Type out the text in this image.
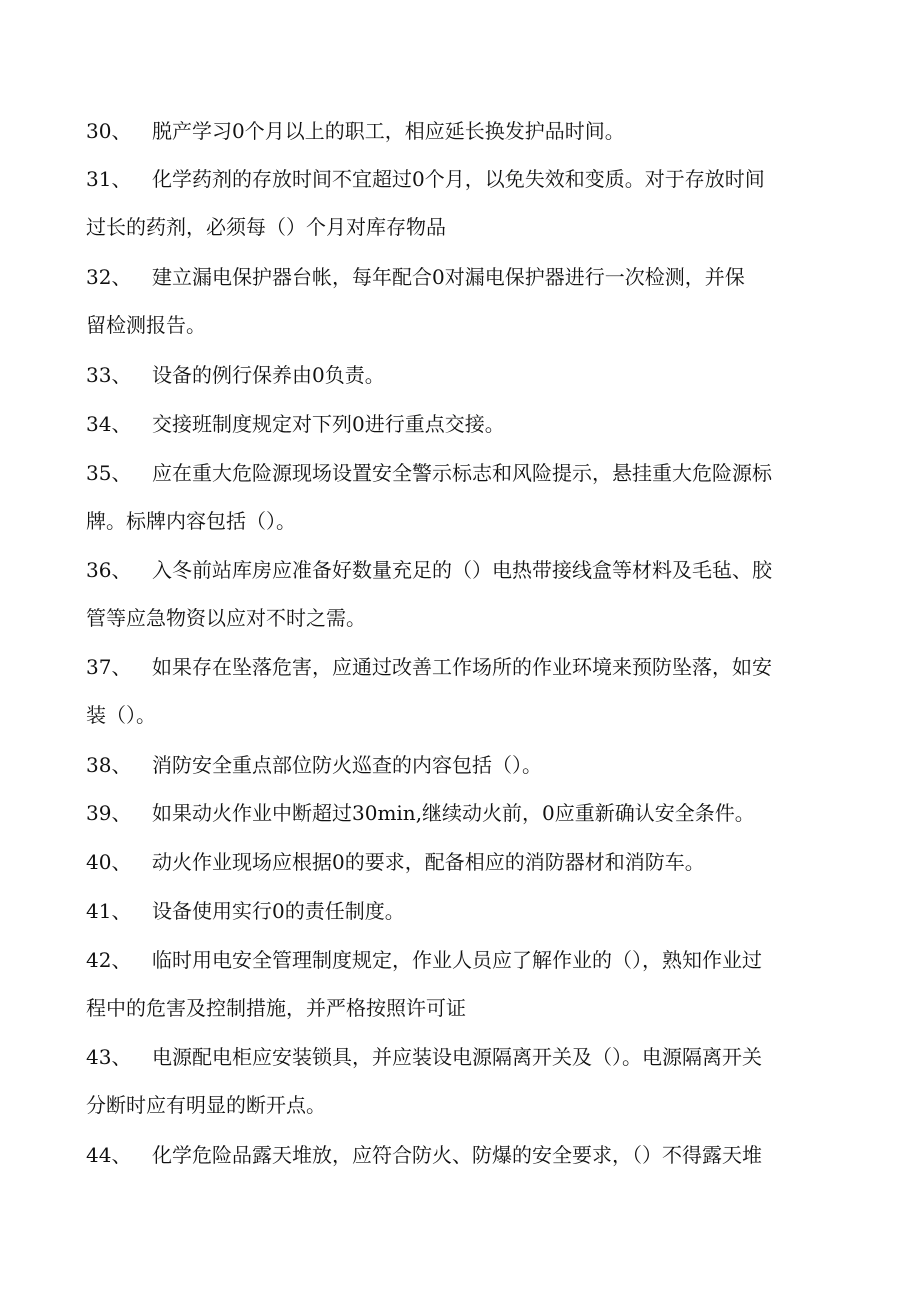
30、 脱产学习0个月以上的职工，相应延长换发护品时间。
31、 化学药剂的存放时间不宜超过0个月，以免失效和变质。对于存放时间
过长的药剂，必须每（）个月对库存物品
32、 建立漏电保护器台帐，每年配合0对漏电保护器进行一次检测，并保
留检测报告。
33、 设备的例行保养由0负责。
34、 交接班制度规定对下列0进行重点交接。
35、 应在重大危险源现场设置安全警示标志和风险提示，悬挂重大危险源标
牌。标牌内容包括（）。
36、 入冬前站库房应准备好数量充足的（）电热带接线盒等材料及毛毡、胶
管等应急物资以应对不时之需。
37、 如果存在坠落危害，应通过改善工作场所的作业环境来预防坠落，如安
装（）。
38、 消防安全重点部位防火巡查的内容包括（）。
39、 如果动火作业中断超过30min,继续动火前，0应重新确认安全条件。
40、 动火作业现场应根据0的要求，配备相应的消防器材和消防车。
41、 设备使用实行0的责任制度。
42、 临时用电安全管理制度规定，作业人员应了解作业的（），熟知作业过
程中的危害及控制措施，并严格按照许可证
43、 电源配电柜应安装锁具，并应装设电源隔离开关及（）。电源隔离开关
分断时应有明显的断开点。
44、 化学危险品露天堆放，应符合防火、防爆的安全要求，（）不得露天堆
